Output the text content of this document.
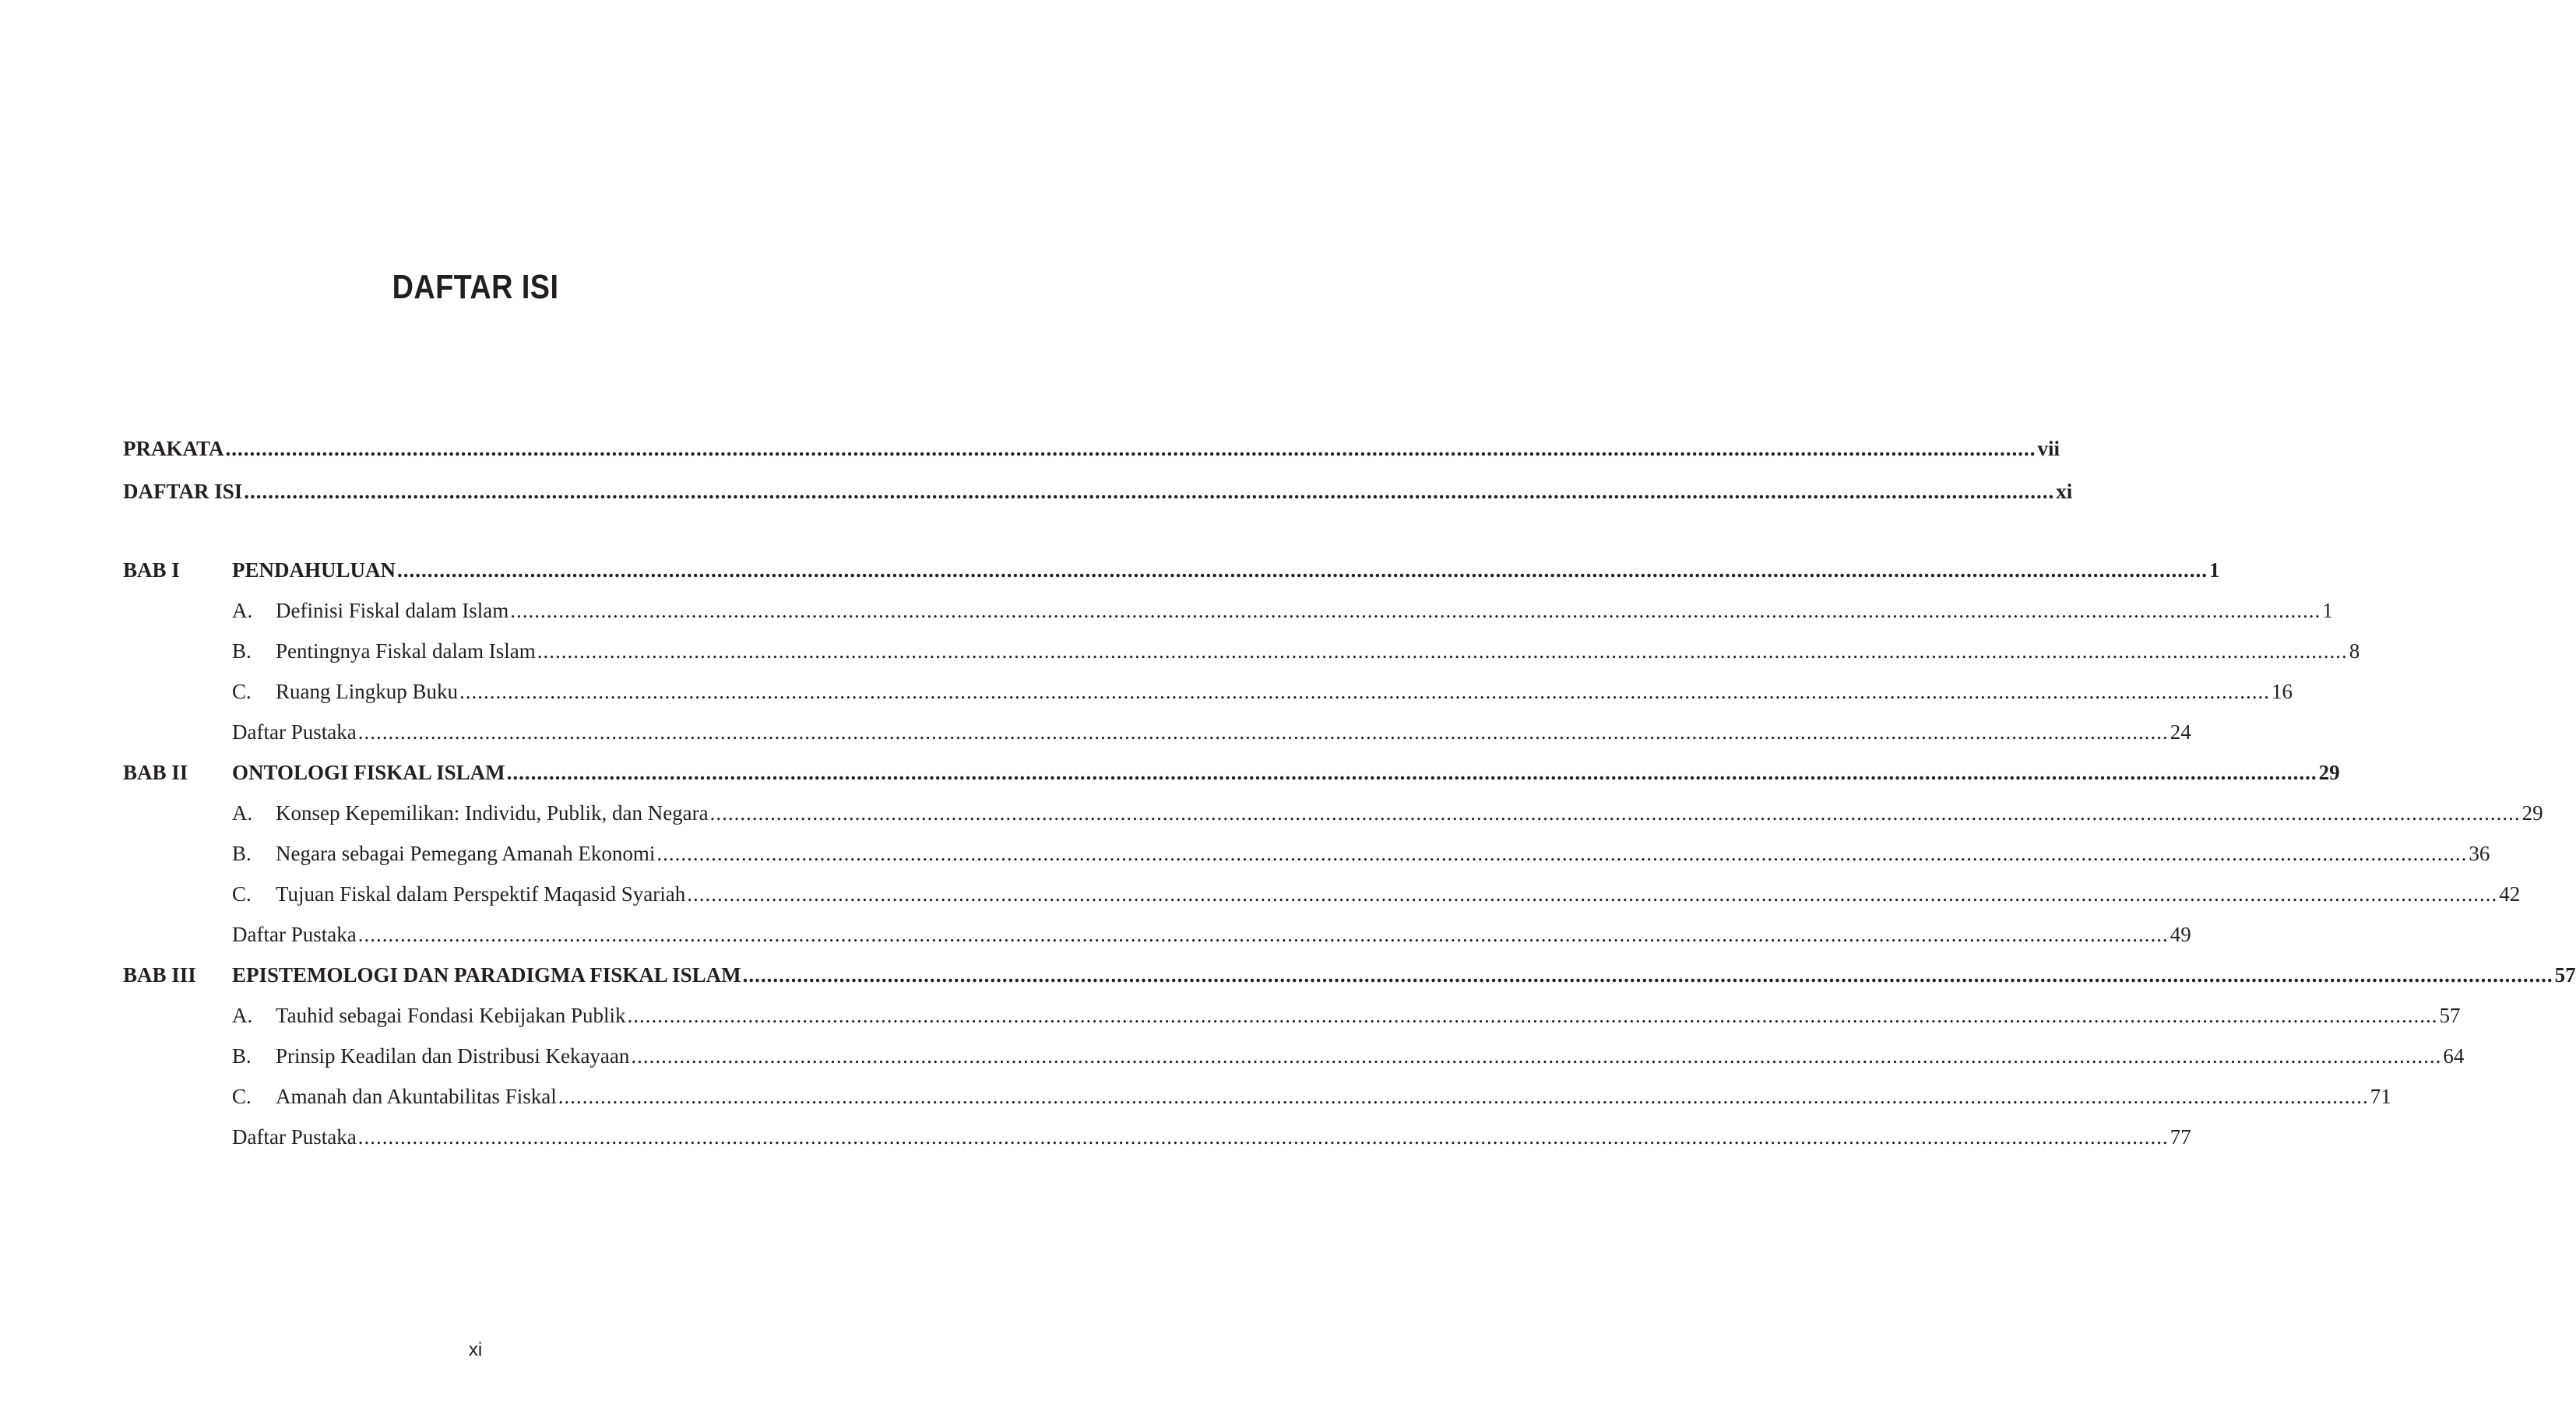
DAFTAR ISI
PRAKATA ............................................................................................................................................................................................................................................................................................................ vii
DAFTAR ISI ............................................................................................................................................................................................................................................................................................................ xi
BAB I PENDAHULUAN ............................................................................................................................................................................................................................................................................................................ 1
A. Definisi Fiskal dalam Islam ............................................................................................................................................................................................................................................................................................................ 1
B. Pentingnya Fiskal dalam Islam ............................................................................................................................................................................................................................................................................................................ 8
C. Ruang Lingkup Buku ............................................................................................................................................................................................................................................................................................................ 16
Daftar Pustaka ............................................................................................................................................................................................................................................................................................................ 24
BAB II ONTOLOGI FISKAL ISLAM ............................................................................................................................................................................................................................................................................................................ 29
A. Konsep Kepemilikan: Individu, Publik, dan Negara ............................................................................................................................................................................................................................................................................................................ 29
B. Negara sebagai Pemegang Amanah Ekonomi ............................................................................................................................................................................................................................................................................................................ 36
C. Tujuan Fiskal dalam Perspektif Maqasid Syariah ............................................................................................................................................................................................................................................................................................................ 42
Daftar Pustaka ............................................................................................................................................................................................................................................................................................................ 49
BAB III EPISTEMOLOGI DAN PARADIGMA FISKAL ISLAM ............................................................................................................................................................................................................................................................................................................ 57
A. Tauhid sebagai Fondasi Kebijakan Publik ............................................................................................................................................................................................................................................................................................................ 57
B. Prinsip Keadilan dan Distribusi Kekayaan ............................................................................................................................................................................................................................................................................................................ 64
C. Amanah dan Akuntabilitas Fiskal ............................................................................................................................................................................................................................................................................................................ 71
Daftar Pustaka ............................................................................................................................................................................................................................................................................................................ 77
xi
